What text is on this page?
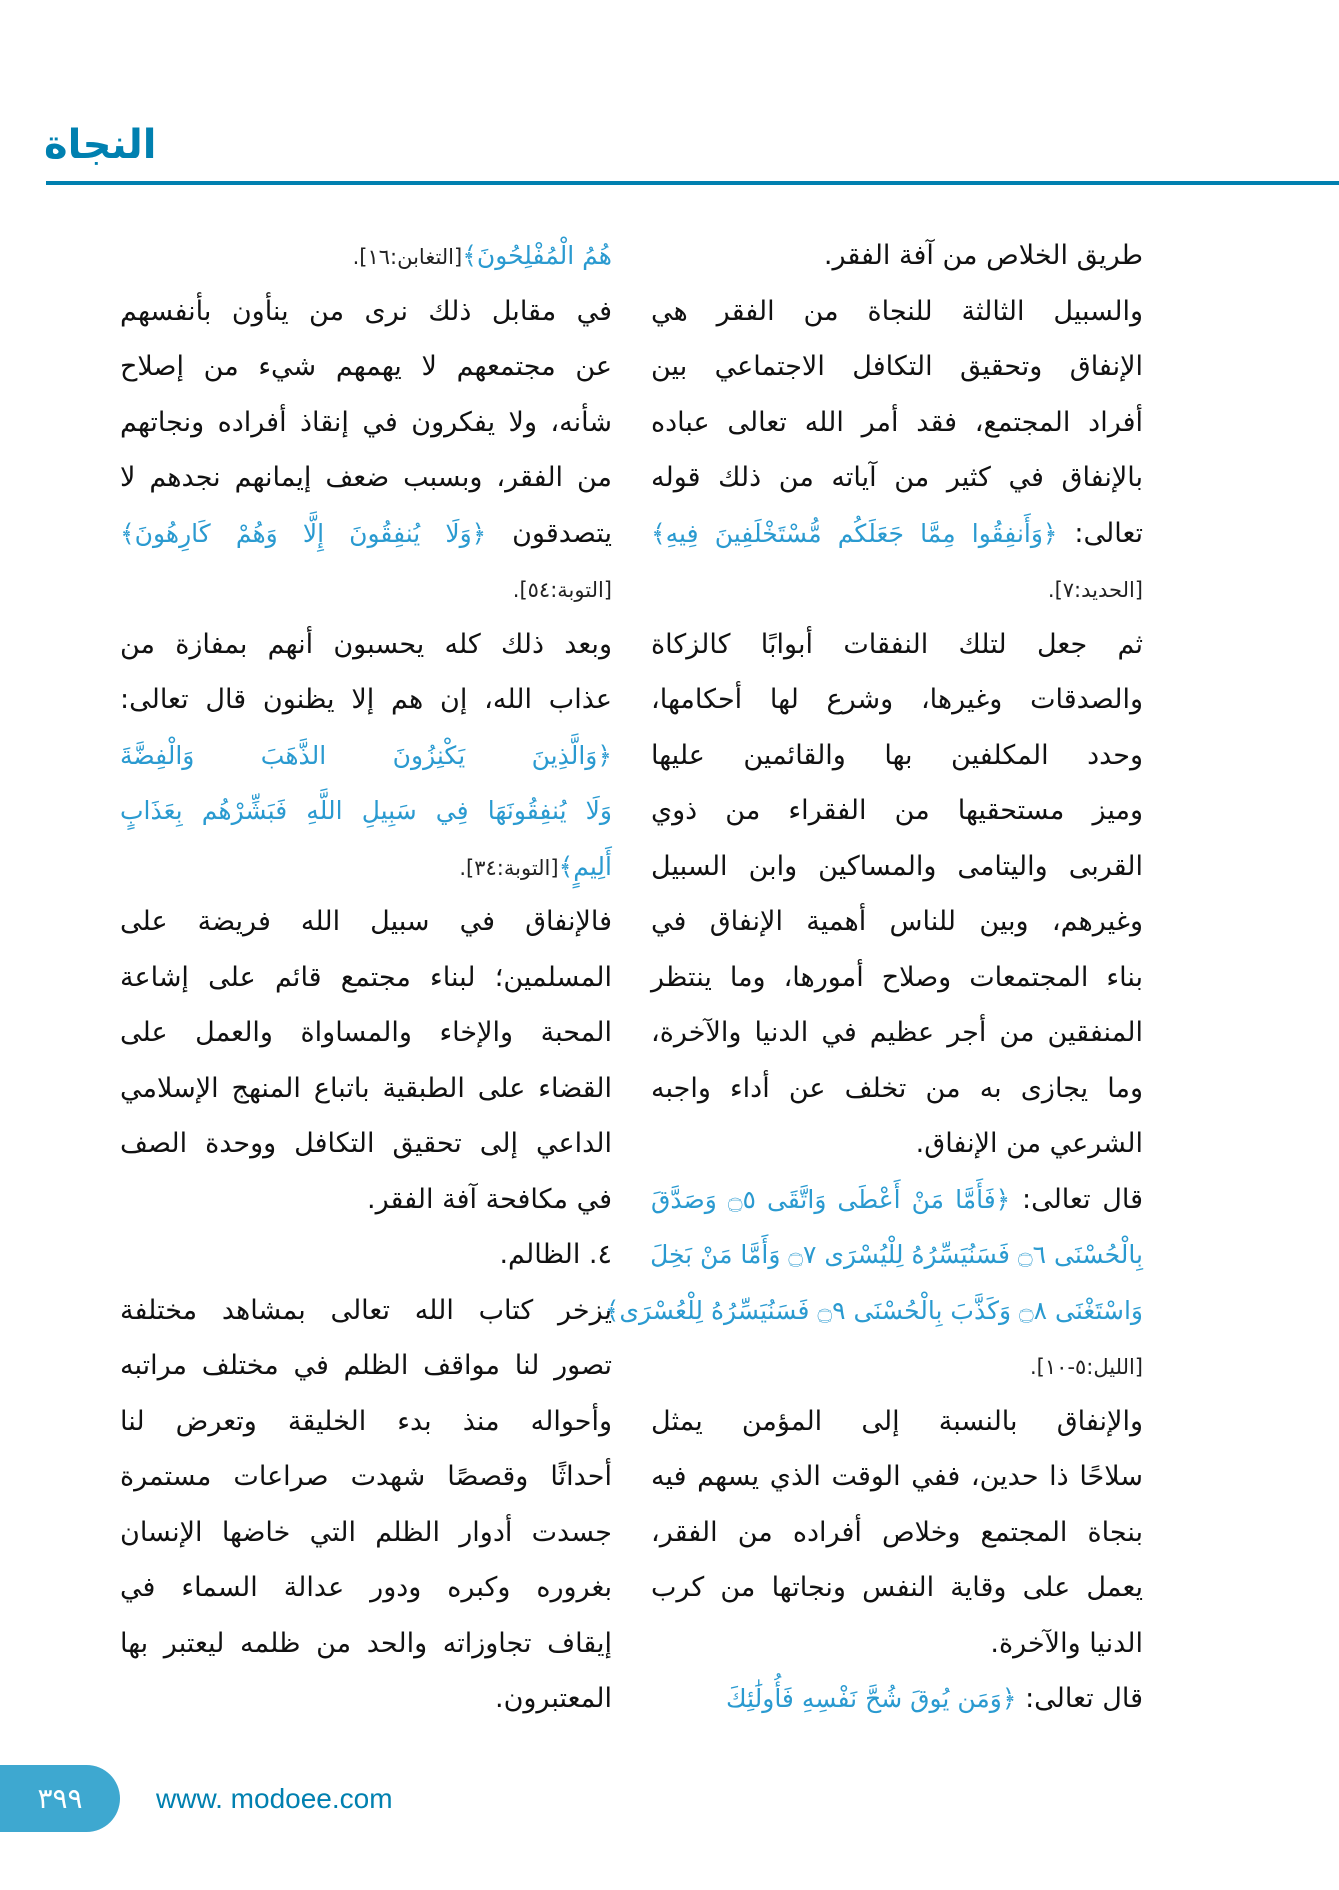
النجاة
طريق الخلاص من آفة الفقر.
والسبيل الثالثة للنجاة من الفقر هي
الإنفاق وتحقيق التكافل الاجتماعي بين
أفراد المجتمع، فقد أمر الله تعالى عباده
بالإنفاق في كثير من آياته من ذلك قوله
تعالى: ﴿وَأَنفِقُوا مِمَّا جَعَلَكُم مُّسْتَخْلَفِينَ فِيهِ﴾
[الحديد:٧].
ثم جعل لتلك النفقات أبوابًا كالزكاة
والصدقات وغيرها، وشرع لها أحكامها،
وحدد المكلفين بها والقائمين عليها
وميز مستحقيها من الفقراء من ذوي
القربى واليتامى والمساكين وابن السبيل
وغيرهم، وبين للناس أهمية الإنفاق في
بناء المجتمعات وصلاح أمورها، وما ينتظر
المنفقين من أجر عظيم في الدنيا والآخرة،
وما يجازى به من تخلف عن أداء واجبه
الشرعي من الإنفاق.
قال تعالى: ﴿فَأَمَّا مَنْ أَعْطَى وَاتَّقَى ۝٥ وَصَدَّقَ
بِالْحُسْنَى ۝٦ فَسَنُيَسِّرُهُ لِلْيُسْرَى ۝٧ وَأَمَّا مَنْ بَخِلَ
وَاسْتَغْنَى ۝٨ وَكَذَّبَ بِالْحُسْنَى ۝٩ فَسَنُيَسِّرُهُ لِلْعُسْرَى﴾
[الليل:٥-١٠].
والإنفاق بالنسبة إلى المؤمن يمثل
سلاحًا ذا حدين، ففي الوقت الذي يسهم فيه
بنجاة المجتمع وخلاص أفراده من الفقر،
يعمل على وقاية النفس ونجاتها من كرب
الدنيا والآخرة.
قال تعالى: ﴿وَمَن يُوقَ شُحَّ نَفْسِهِ فَأُولَٰئِكَ
هُمُ الْمُفْلِحُونَ﴾[التغابن:١٦].
في مقابل ذلك نرى من ينأون بأنفسهم
عن مجتمعهم لا يهمهم شيء من إصلاح
شأنه، ولا يفكرون في إنقاذ أفراده ونجاتهم
من الفقر، وبسبب ضعف إيمانهم نجدهم لا
يتصدقون ﴿وَلَا يُنفِقُونَ إِلَّا وَهُمْ كَارِهُونَ﴾
[التوبة:٥٤].
وبعد ذلك كله يحسبون أنهم بمفازة من
عذاب الله، إن هم إلا يظنون قال تعالى:
﴿وَالَّذِينَ يَكْنِزُونَ الذَّهَبَ وَالْفِضَّةَ
وَلَا يُنفِقُونَهَا فِي سَبِيلِ اللَّهِ فَبَشِّرْهُم بِعَذَابٍ
أَلِيمٍ﴾[التوبة:٣٤].
فالإنفاق في سبيل الله فريضة على
المسلمين؛ لبناء مجتمع قائم على إشاعة
المحبة والإخاء والمساواة والعمل على
القضاء على الطبقية باتباع المنهج الإسلامي
الداعي إلى تحقيق التكافل ووحدة الصف
في مكافحة آفة الفقر.
٤. الظالم.
يزخر كتاب الله تعالى بمشاهد مختلفة
تصور لنا مواقف الظلم في مختلف مراتبه
وأحواله منذ بدء الخليقة وتعرض لنا
أحداثًا وقصصًا شهدت صراعات مستمرة
جسدت أدوار الظلم التي خاضها الإنسان
بغروره وكبره ودور عدالة السماء في
إيقاف تجاوزاته والحد من ظلمه ليعتبر بها
المعتبرون.
٣٩٩	www. modoee.com
